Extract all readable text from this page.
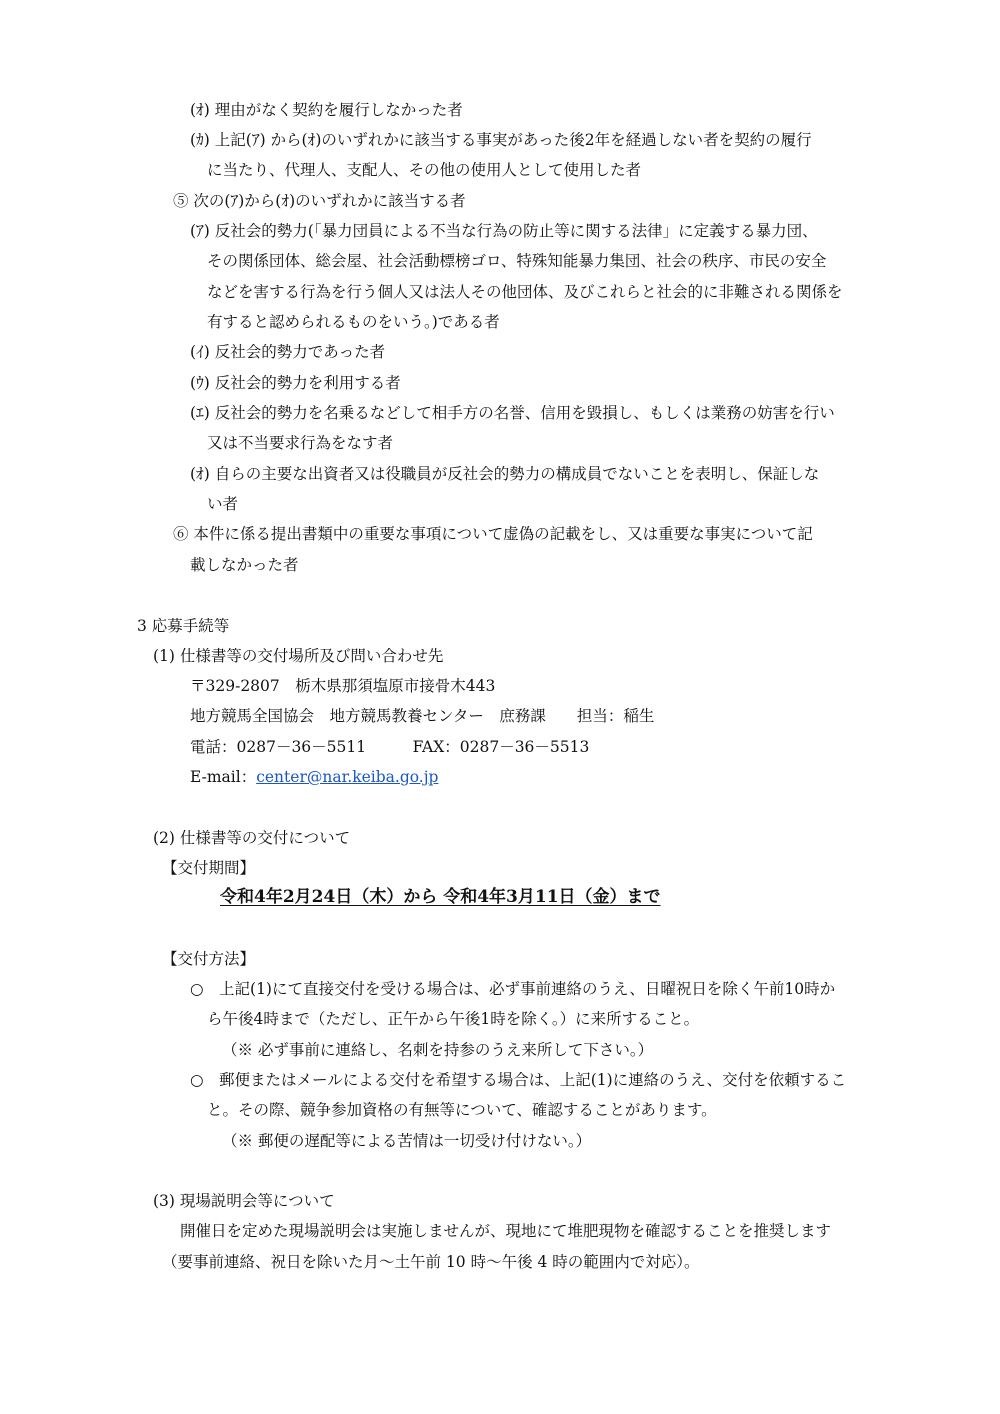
(ｵ) 理由がなく契約を履行しなかった者
(ｶ) 上記(ｱ) から(ｵ)のいずれかに該当する事実があった後2年を経過しない者を契約の履行
に当たり、代理人、支配人、その他の使用人として使用した者
⑤ 次の(ｱ)から(ｵ)のいずれかに該当する者
(ｱ) 反社会的勢力(「暴力団員による不当な行為の防止等に関する法律」に定義する暴力団、
その関係団体、総会屋、社会活動標榜ゴロ、特殊知能暴力集団、社会の秩序、市民の安全
などを害する行為を行う個人又は法人その他団体、及びこれらと社会的に非難される関係を
有すると認められるものをいう。)である者
(ｲ) 反社会的勢力であった者
(ｳ) 反社会的勢力を利用する者
(ｴ) 反社会的勢力を名乗るなどして相手方の名誉、信用を毀損し、もしくは業務の妨害を行い
又は不当要求行為をなす者
(ｵ) 自らの主要な出資者又は役職員が反社会的勢力の構成員でないことを表明し、保証しな
い者
⑥ 本件に係る提出書類中の重要な事項について虚偽の記載をし、又は重要な事実について記
載しなかった者
3 応募手続等
(1) 仕様書等の交付場所及び問い合わせ先
〒329-2807　栃木県那須塩原市接骨木443
地方競馬全国協会　地方競馬教養センター　庶務課　　担当：稲生
電話：0287－36－5511　　　FAX：0287－36－5513
E-mail：center@nar.keiba.go.jp
(2) 仕様書等の交付について
【交付期間】
令和4年2月24日（木）から 令和4年3月11日（金）まで
【交付方法】
○　上記(1)にて直接交付を受ける場合は、必ず事前連絡のうえ、日曜祝日を除く午前10時か
ら午後4時まで（ただし、正午から午後1時を除く。）に来所すること。
（※ 必ず事前に連絡し、名刺を持参のうえ来所して下さい。）
○　郵便またはメールによる交付を希望する場合は、上記(1)に連絡のうえ、交付を依頼するこ
と。その際、競争参加資格の有無等について、確認することがあります。
（※ 郵便の遅配等による苦情は一切受け付けない。）
(3) 現場説明会等について
開催日を定めた現場説明会は実施しませんが、現地にて堆肥現物を確認することを推奨します
（要事前連絡、祝日を除いた月～土午前 10 時～午後 4 時の範囲内で対応）。
